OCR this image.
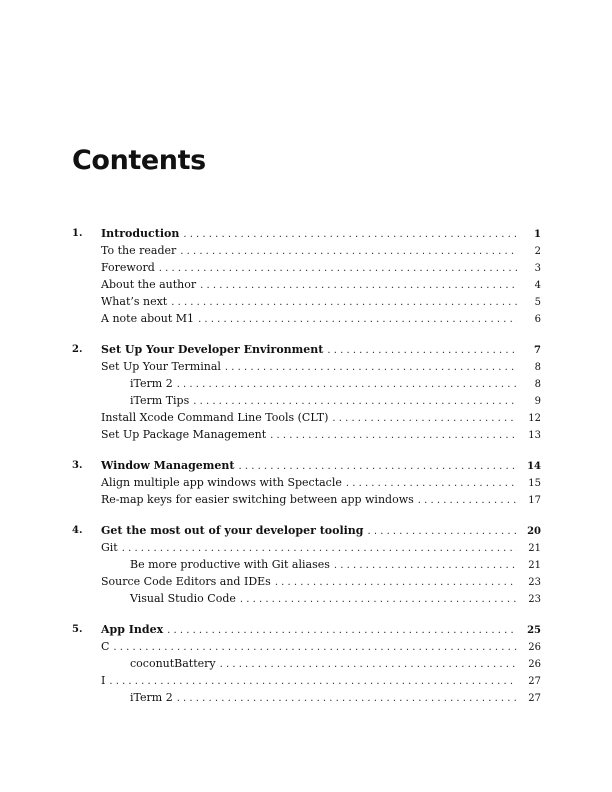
Contents
1. Introduction . . .	1
To the reader . . .	2
Foreword . . .	3
About the author . . .	4
What’s next . . .	5
A note about M1 . . .	6
2. Set Up Your Developer Environment . . .	7
Set Up Your Terminal . . .	8
iTerm 2 . . .	8
iTerm Tips . . .	9
Install Xcode Command Line Tools (CLT) . . .	12
Set Up Package Management . . .	13
3. Window Management . . .	14
Align multiple app windows with Spectacle . . .	15
Re-map keys for easier switching between app windows . . .	17
4. Get the most out of your developer tooling . . .	20
Git . . .	21
Be more productive with Git aliases . . .	21
Source Code Editors and IDEs . . .	23
Visual Studio Code . . .	23
5. App Index . . .	25
C . . .	26
coconutBattery . . .	26
I . . .	27
iTerm 2 . . .	27
